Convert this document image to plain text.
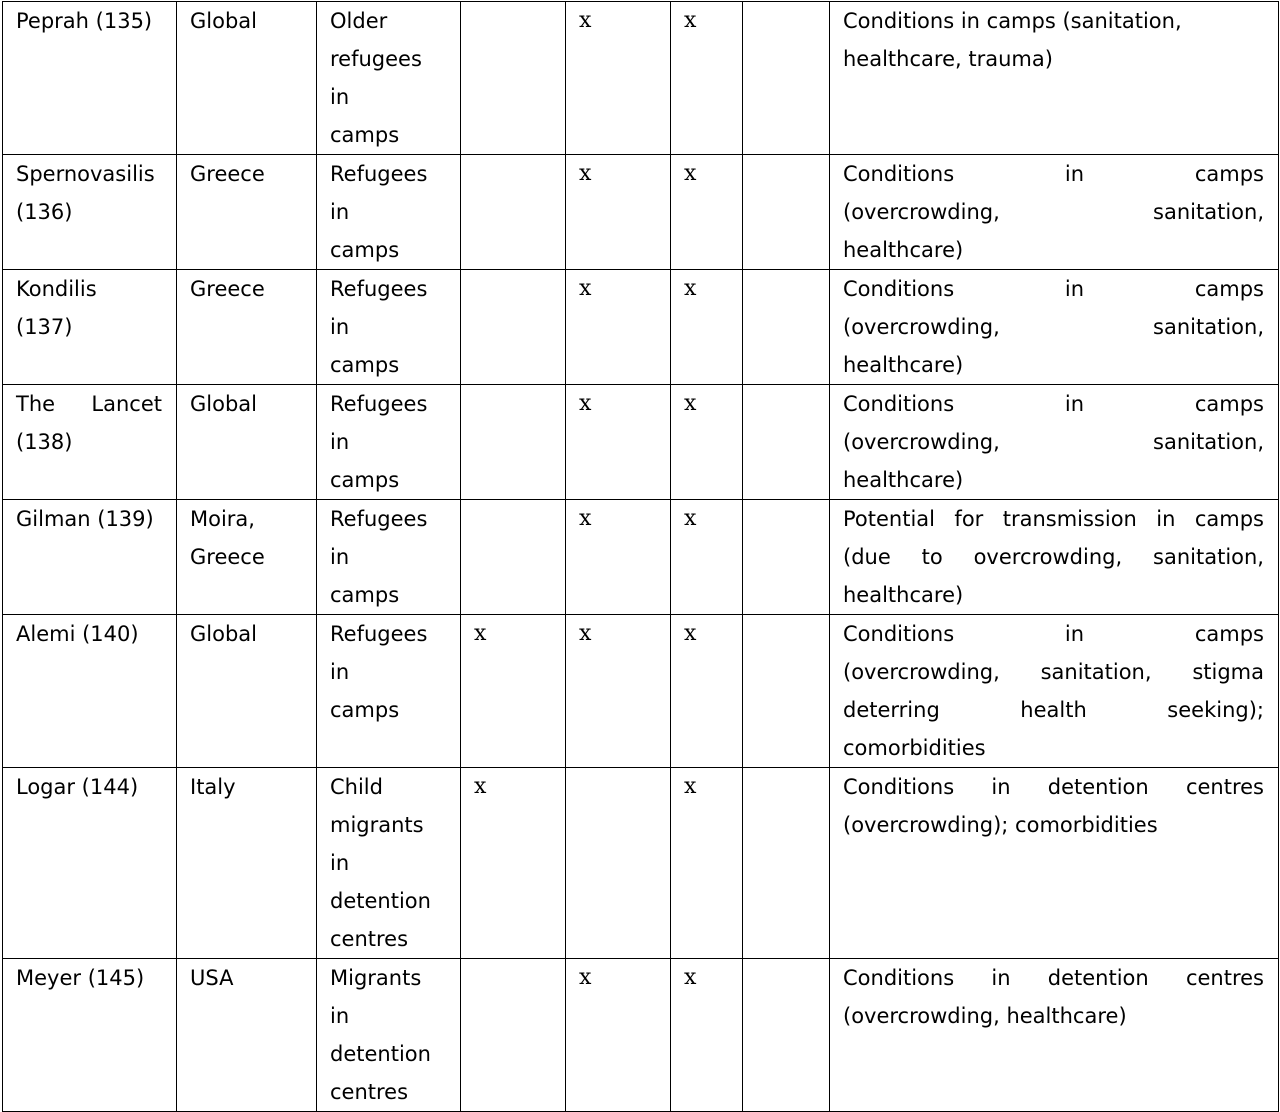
Peprah (135)	Global	Older
refugees in
camps		x	x		Conditions in camps (sanitation,
healthcare, trauma)

Spernovasilis
(136)	Greece	Refugees in
camps		x	x		Conditions in camps
(overcrowding, sanitation,
healthcare)

Kondilis
(137)	Greece	Refugees in
camps		x	x		Conditions in camps
(overcrowding, sanitation,
healthcare)

The Lancet
(138)	Global	Refugees in
camps		x	x		Conditions in camps
(overcrowding, sanitation,
healthcare)

Gilman (139)	Moira,
Greece	Refugees in
camps		x	x		Potential for transmission in camps
(due to overcrowding, sanitation,
healthcare)

Alemi (140)	Global	Refugees in
camps	x	x	x		Conditions in camps
(overcrowding, sanitation, stigma
deterring health seeking);
comorbidities

Logar (144)	Italy	Child
migrants in
detention
centres	x		x		Conditions in detention centres
(overcrowding); comorbidities

Meyer (145)	USA	Migrants in
detention
centres		x	x		Conditions in detention centres
(overcrowding, healthcare)
